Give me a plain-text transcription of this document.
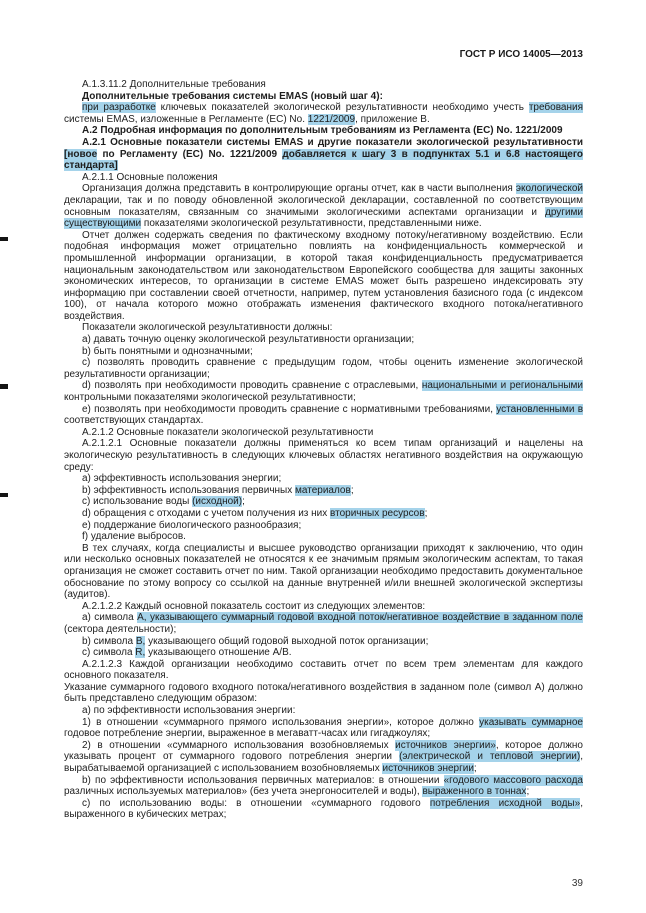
ГОСТ Р ИСО 14005—2013

А.1.3.11.2 Дополнительные требования

Дополнительные требования системы EMAS (новый шаг 4):

при разработке ключевых показателей экологической результативности необходимо учесть требования системы EMAS, изложенные в Регламенте (ЕС) No. 1221/2009, приложение В.

А.2 Подробная информация по дополнительным требованиям из Регламента (ЕС) No. 1221/2009

А.2.1 Основные показатели системы EMAS и другие показатели экологической результативности [новое по Регламенту (ЕС) No. 1221/2009 добавляется к шагу 3 в подпунктах 5.1 и 6.8 настоящего стандарта]

А.2.1.1 Основные положения

Организация должна представить в контролирующие органы отчет, как в части выполнения экологической декларации, так и по поводу обновленной экологической декларации, составленной по соответствующим основным показателям, связанным со значимыми экологическими аспектами организации и другими существующими показателями экологической результативности, представленными ниже.

Отчет должен содержать сведения по фактическому входному потоку/негативному воздействию. Если подобная информация может отрицательно повлиять на конфиденциальность коммерческой и промышленной информации организации, в которой такая конфиденциальность предусматривается национальным законодательством или законодательством Европейского сообщества для защиты законных экономических интересов, то организации в системе EMAS может быть разрешено индексировать эту информацию при составлении своей отчетности, например, путем установления базисного года (с индексом 100), от начала которого можно отображать изменения фактического входного потока/негативного воздействия.

Показатели экологической результативности должны:

a) давать точную оценку экологической результативности организации;

b) быть понятными и однозначными;

c) позволять проводить сравнение с предыдущим годом, чтобы оценить изменение экологической результативности организации;

d) позволять при необходимости проводить сравнение с отраслевыми, национальными и региональными контрольными показателями экологической результативности;

e) позволять при необходимости проводить сравнение с нормативными требованиями, установленными в соответствующих стандартах.

А.2.1.2 Основные показатели экологической результативности

А.2.1.2.1 Основные показатели должны применяться ко всем типам организаций и нацелены на экологическую результативность в следующих ключевых областях негативного воздействия на окружающую среду:

a) эффективность использования энергии;

b) эффективность использования первичных материалов;

c) использование воды (исходной);

d) обращения с отходами с учетом получения из них вторичных ресурсов;

e) поддержание биологического разнообразия;

f) удаление выбросов.

В тех случаях, когда специалисты и высшее руководство организации приходят к заключению, что один или несколько основных показателей не относятся к ее значимым прямым экологическим аспектам, то такая организация не сможет составить отчет по ним. Такой организации необходимо предоставить документальное обоснование по этому вопросу со ссылкой на данные внутренней и/или внешней экологической экспертизы (аудитов).

А.2.1.2.2 Каждый основной показатель состоит из следующих элементов:

a) символа А, указывающего суммарный годовой входной поток/негативное воздействие в заданном поле (сектора деятельности);

b) символа В, указывающего общий годовой выходной поток организации;

c) символа R, указывающего отношение А/В.

А.2.1.2.3 Каждой организации необходимо составить отчет по всем трем элементам для каждого основного показателя.

Указание суммарного годового входного потока/негативного воздействия в заданном поле (символ А) должно быть представлено следующим образом:

a) по эффективности использования энергии:

1) в отношении «суммарного прямого использования энергии», которое должно указывать суммарное годовое потребление энергии, выраженное в мегаватт-часах или гигаджоулях;

2) в отношении «суммарного использования возобновляемых источников энергии», которое должно указывать процент от суммарного годового потребления энергии (электрической и тепловой энергии), вырабатываемой организацией с использованием возобновляемых источников энергии;

b) по эффективности использования первичных материалов: в отношении «годового массового расхода различных используемых материалов» (без учета энергоносителей и воды), выраженного в тоннах;

c) по использованию воды: в отношении «суммарного годового потребления исходной воды», выраженного в кубических метрах;

39
